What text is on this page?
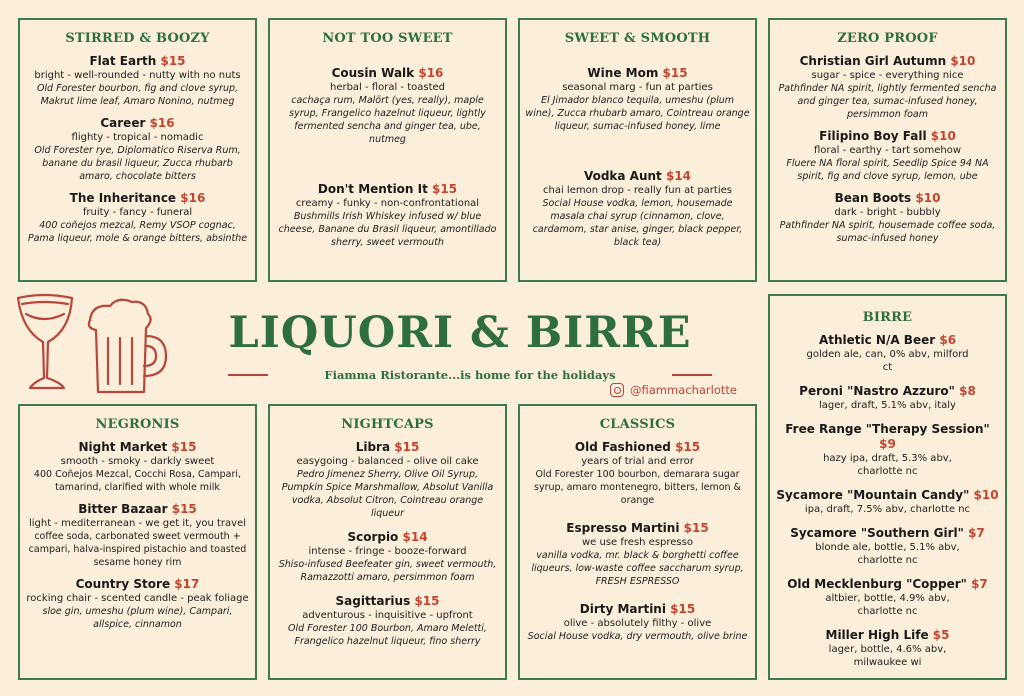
STIRRED & BOOZY
Flat Earth $15
bright - well-rounded - nutty with no nuts
Old Forester bourbon, fig and clove syrup, Makrut lime leaf, Amaro Nonino, nutmeg
Career $16
flighty - tropical - nomadic
Old Forester rye, Diplomatico Riserva Rum, banane du brasil liqueur, Zucca rhubarb amaro, chocolate bitters
The Inheritance $16
fruity - fancy - funeral
400 coñejos mezcal, Remy VSOP cognac, Pama liqueur, mole & orange bitters, absinthe
NOT TOO SWEET
Cousin Walk $16
herbal - floral - toasted
cachaça rum, Malört (yes, really), maple syrup, Frangelico hazelnut liqueur, lightly fermented sencha and ginger tea, ube, nutmeg
Don't Mention It $15
creamy - funky - non-confrontational
Bushmills Irish Whiskey infused w/ blue cheese, Banane du Brasil liqueur, amontillado sherry, sweet vermouth
SWEET & SMOOTH
Wine Mom $15
seasonal marg - fun at parties
El Jimador blanco tequila, umeshu (plum wine), Zucca rhubarb amaro, Cointreau orange liqueur, sumac-infused honey, lime
Vodka Aunt $14
chai lemon drop - really fun at parties
Social House vodka, lemon, housemade masala chai syrup (cinnamon, clove, cardamom, star anise, ginger, black pepper, black tea)
ZERO PROOF
Christian Girl Autumn $10
sugar - spice - everything nice
Pathfinder NA spirit, lightly fermented sencha and ginger tea, sumac-infused honey, persimmon foam
Filipino Boy Fall $10
floral - earthy - tart somehow
Fluere NA floral spirit, Seedlip Spice 94 NA spirit, fig and clove syrup, lemon, ube
Bean Boots $10
dark - bright - bubbly
Pathfinder NA spirit, housemade coffee soda, sumac-infused honey
LIQUORI & BIRRE
Fiamma Ristorante...is home for the holidays
@fiammacharlotte
BIRRE
Athletic N/A Beer $6
golden ale, can, 0% abv, milford ct
Peroni "Nastro Azzuro" $8
lager, draft, 5.1% abv, italy
Free Range "Therapy Session" $9
hazy ipa, draft, 5.3% abv, charlotte nc
Sycamore "Mountain Candy" $10
ipa, draft, 7.5% abv, charlotte nc
Sycamore "Southern Girl" $7
blonde ale, bottle, 5.1% abv, charlotte nc
Old Mecklenburg "Copper" $7
altbier, bottle, 4.9% abv, charlotte nc
Miller High Life $5
lager, bottle, 4.6% abv, milwaukee wi
NEGRONIS
Night Market $15
smooth - smoky - darkly sweet
400 Coñejos Mezcal, Cocchi Rosa, Campari, tamarind, clarified with whole milk
Bitter Bazaar $15
light - mediterranean - we get it, you travel
coffee soda, carbonated sweet vermouth + campari, halva-inspired pistachio and toasted sesame honey rim
Country Store $17
rocking chair - scented candle - peak foliage
sloe gin, umeshu (plum wine), Campari, allspice, cinnamon
NIGHTCAPS
Libra $15
easygoing - balanced - olive oil cake
Pedro Jimenez Sherry, Olive Oil Syrup, Pumpkin Spice Marshmallow, Absolut Vanilla vodka, Absolut Citron, Cointreau orange liqueur
Scorpio $14
intense - fringe - booze-forward
Shiso-infused Beefeater gin, sweet vermouth, Ramazzotti amaro, persimmon foam
Sagittarius $15
adventurous - inquisitive - upfront
Old Forester 100 Bourbon, Amaro Meletti, Frangelico hazelnut liqueur, fino sherry
CLASSICS
Old Fashioned $15
years of trial and error
Old Forester 100 bourbon, demarara sugar syrup, amaro montenegro, bitters, lemon & orange
Espresso Martini $15
we use fresh espresso
vanilla vodka, mr. black & borghetti coffee liqueurs, low-waste coffee saccharum syrup, FRESH ESPRESSO
Dirty Martini $15
olive - absolutely filthy - olive
Social House vodka, dry vermouth, olive brine
